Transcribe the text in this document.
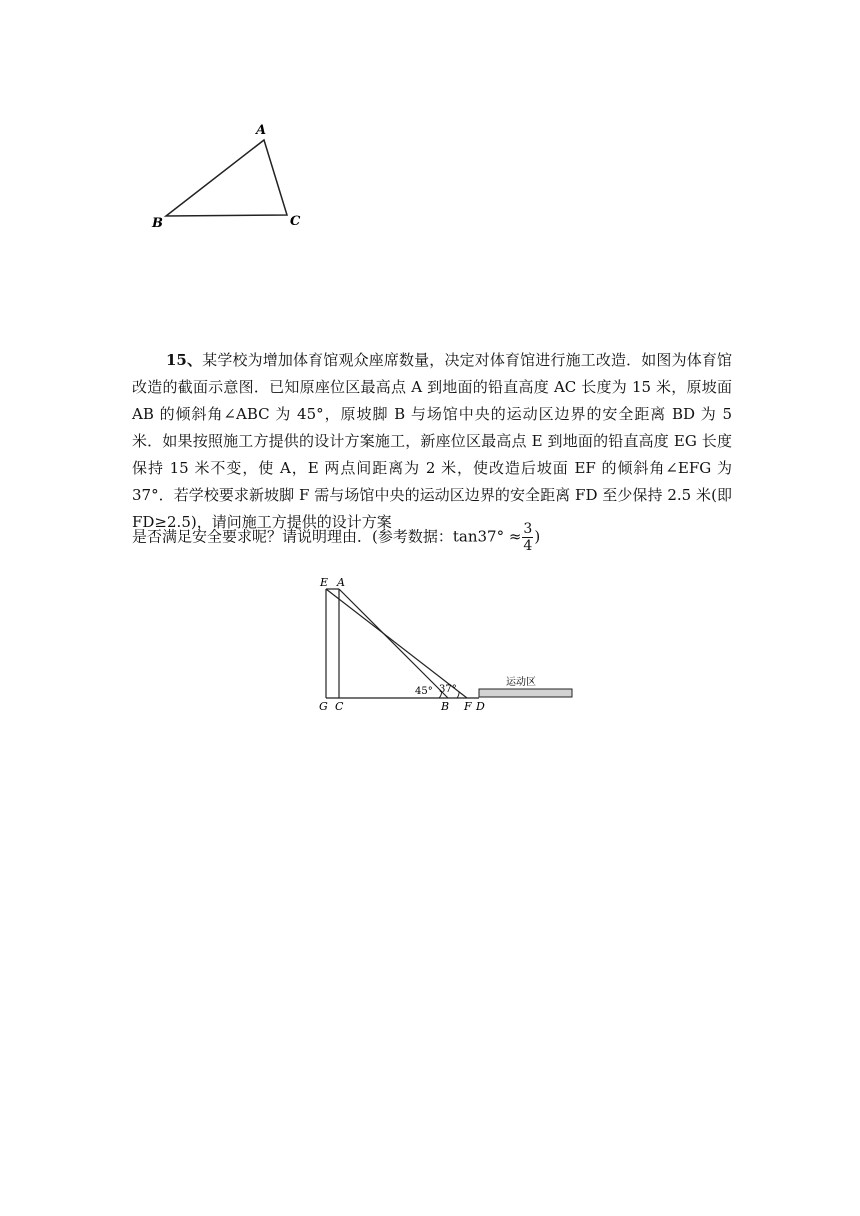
A
B	C

15、某学校为增加体育馆观众座席数量，决定对体育馆进行施工改造．如图为体育馆改造的截面示意图．已知原座位区最高点 A 到地面的铅直高度 AC 长度为 15 米，原坡面 AB 的倾斜角∠ABC 为 45°，原坡脚 B 与场馆中央的运动区边界的安全距离 BD 为 5 米．如果按照施工方提供的设计方案施工，新座位区最高点 E 到地面的铅直高度 EG 长度保持 15 米不变，使 A，E 两点间距离为 2 米，使改造后坡面 EF 的倾斜角∠EFG 为 37°．若学校要求新坡脚 F 需与场馆中央的运动区边界的安全距离 FD 至少保持 2.5 米(即 FD≥2.5)，请问施工方提供的设计方案

是否满足安全要求呢？请说明理由．(参考数据：$\tan 37^\circ \approx \frac{3}{4}$ )
E A
G C	B F D
45° 37°
运动区
